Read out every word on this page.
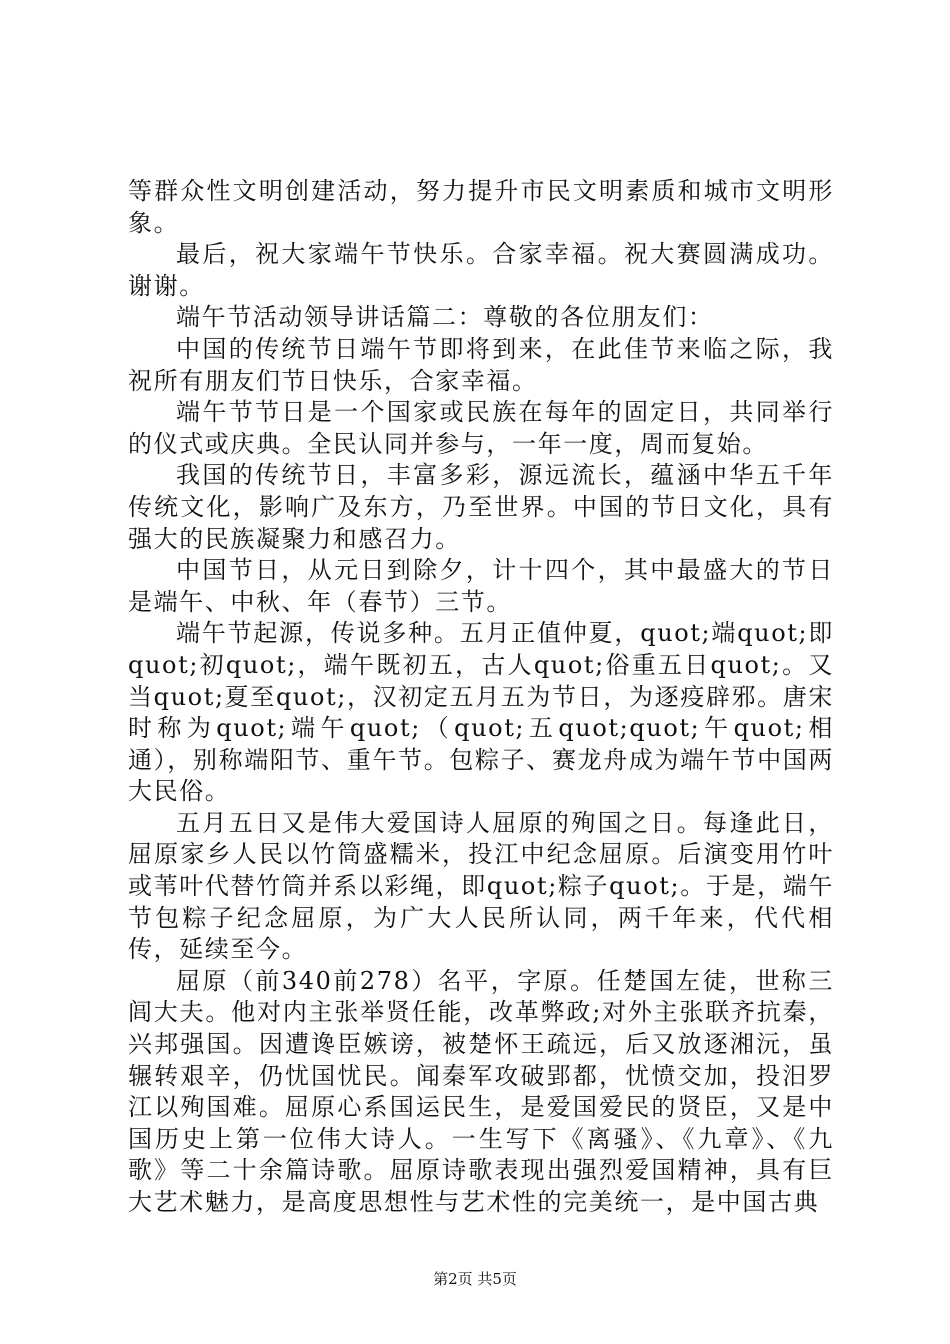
等群众性文明创建活动，努力提升市民文明素质和城市文明形象。

最后，祝大家端午节快乐。合家幸福。祝大赛圆满成功。谢谢。

端午节活动领导讲话篇二：尊敬的各位朋友们：

中国的传统节日端午节即将到来，在此佳节来临之际，我祝所有朋友们节日快乐，合家幸福。

端午节节日是一个国家或民族在每年的固定日，共同举行的仪式或庆典。全民认同并参与，一年一度，周而复始。

我国的传统节日，丰富多彩，源远流长，蕴涵中华五千年传统文化，影响广及东方，乃至世界。中国的节日文化，具有强大的民族凝聚力和感召力。

中国节日，从元日到除夕，计十四个，其中最盛大的节日是端午、中秋、年（春节）三节。

端午节起源，传说多种。五月正值仲夏，quot;端quot;即quot;初quot;，端午既初五，古人quot;俗重五日quot;。又当quot;夏至quot;，汉初定五月五为节日，为逐疫辟邪。唐宋时称为quot;端午quot;（quot;五quot;quot;午quot;相通），别称端阳节、重午节。包粽子、赛龙舟成为端午节中国两大民俗。

五月五日又是伟大爱国诗人屈原的殉国之日。每逢此日，屈原家乡人民以竹筒盛糯米，投江中纪念屈原。后演变用竹叶或苇叶代替竹筒并系以彩绳，即quot;粽子quot;。于是，端午节包粽子纪念屈原，为广大人民所认同，两千年来，代代相传，延续至今。

屈原（前340前278）名平，字原。任楚国左徒，世称三闾大夫。他对内主张举贤任能，改革弊政;对外主张联齐抗秦，兴邦强国。因遭谗臣嫉谤，被楚怀王疏远，后又放逐湘沅，虽辗转艰辛，仍忧国忧民。闻秦军攻破郢都，忧愤交加，投汨罗江以殉国难。屈原心系国运民生，是爱国爱民的贤臣，又是中国历史上第一位伟大诗人。一生写下《离骚》、《九章》、《九歌》等二十余篇诗歌。屈原诗歌表现出强烈爱国精神，具有巨大艺术魅力，是高度思想性与艺术性的完美统一，是中国古典

第2页 共5页
